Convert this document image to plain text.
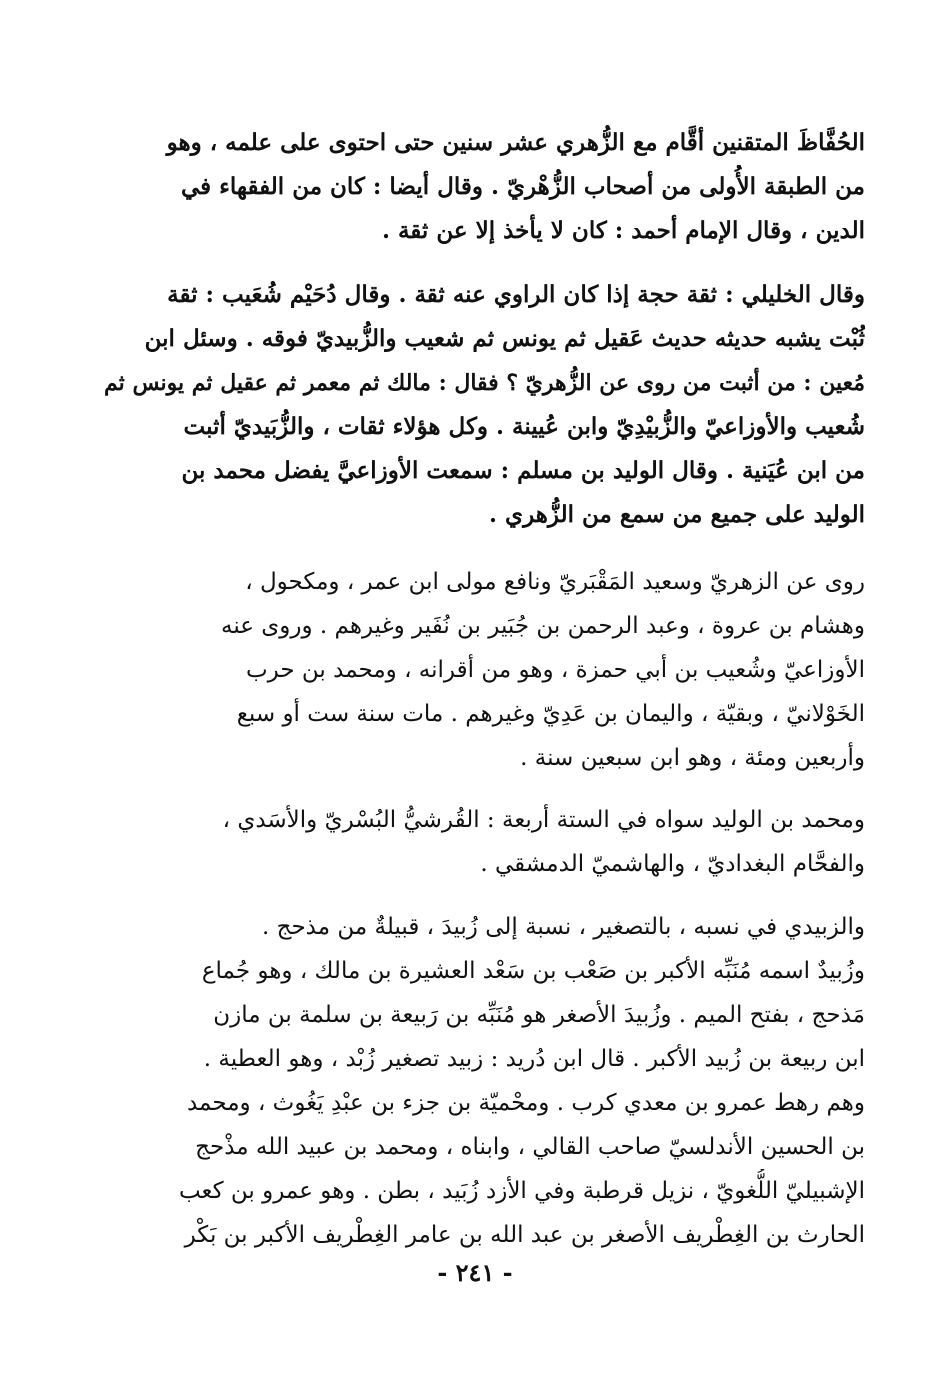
الحُفَّاظَ المتقنين أقَّام مع الزُّهري عشر سنين حتى احتوى على علمه ، وهو
من الطبقة الأُولى من أصحاب الزُّهْريّ . وقال أيضا : كان من الفقهاء في
الدين ، وقال الإمام أحمد : كان لا يأخذ إلا عن ثقة .
وقال الخليلي : ثقة حجة إذا كان الراوي عنه ثقة . وقال دُحَيْم شُعَيب : ثقة
ثُبْت يشبه حديثه حديث عَقيل ثم يونس ثم شعيب والزُّبيديّ فوقه . وسئل ابن
مُعين : من أثبت من روى عن الزُّهريّ ؟ فقال : مالك ثم معمر ثم عقيل ثم يونس ثم
شُعيب والأوزاعيّ والزُّبيْدِيّ وابن عُيينة . وكل هؤلاء ثقات ، والزُّبَيديّ أثبت
من ابن عُيَنية . وقال الوليد بن مسلم : سمعت الأوزاعيَّ يفضل محمد بن
الوليد على جميع من سمع من الزُّهري .
روى عن الزهريّ وسعيد المَقْبَريّ ونافع مولى ابن عمر ، ومكحول ،
وهشام بن عروة ، وعبد الرحمن بن جُبَير بن نُفَير وغيرهم . وروى عنه
الأوزاعيّ وشُعيب بن أبي حمزة ، وهو من أقرانه ، ومحمد بن حرب
الخَوْلانيّ ، وبقيّة ، واليمان بن عَدِيّ وغيرهم . مات سنة ست أو سبع
وأربعين ومئة ، وهو ابن سبعين سنة .
ومحمد بن الوليد سواه في الستة أربعة : القُرشيُّ البُسْريّ والأسَدي ،
والفحَّام البغداديّ ، والهاشميّ الدمشقي .
والزبيدي في نسبه ، بالتصغير ، نسبة إلى زُبيدَ ، قبيلةٌ من مذحج .
وزُبيدٌ اسمه مُنَبِّه الأكبر بن صَعْب بن سَعْد العشيرة بن مالك ، وهو جُماع
مَذحج ، بفتح الميم . وزُبيدَ الأصغر هو مُنَبِّه بن رَبيعة بن سلمة بن مازن
ابن ربيعة بن زُبيد الأكبر . قال ابن دُريد : زبيد تصغير زُبْد ، وهو العطية .
وهم رهط عمرو بن معدي كرب . ومحْميّة بن جزء بن عبْدِ يَغُوث ، ومحمد
بن الحسين الأندلسيّ صاحب القالي ، وابناه ، ومحمد بن عبيد الله مذْحج
الإشبيليّ اللُّغويّ ، نزيل قرطبة وفي الأزد زُبَيد ، بطن . وهو عمرو بن كعب
الحارث بن الغِطْريف الأصغر بن عبد الله بن عامر الغِطْريف الأكبر بن بَكْر
- ٢٤١ -
